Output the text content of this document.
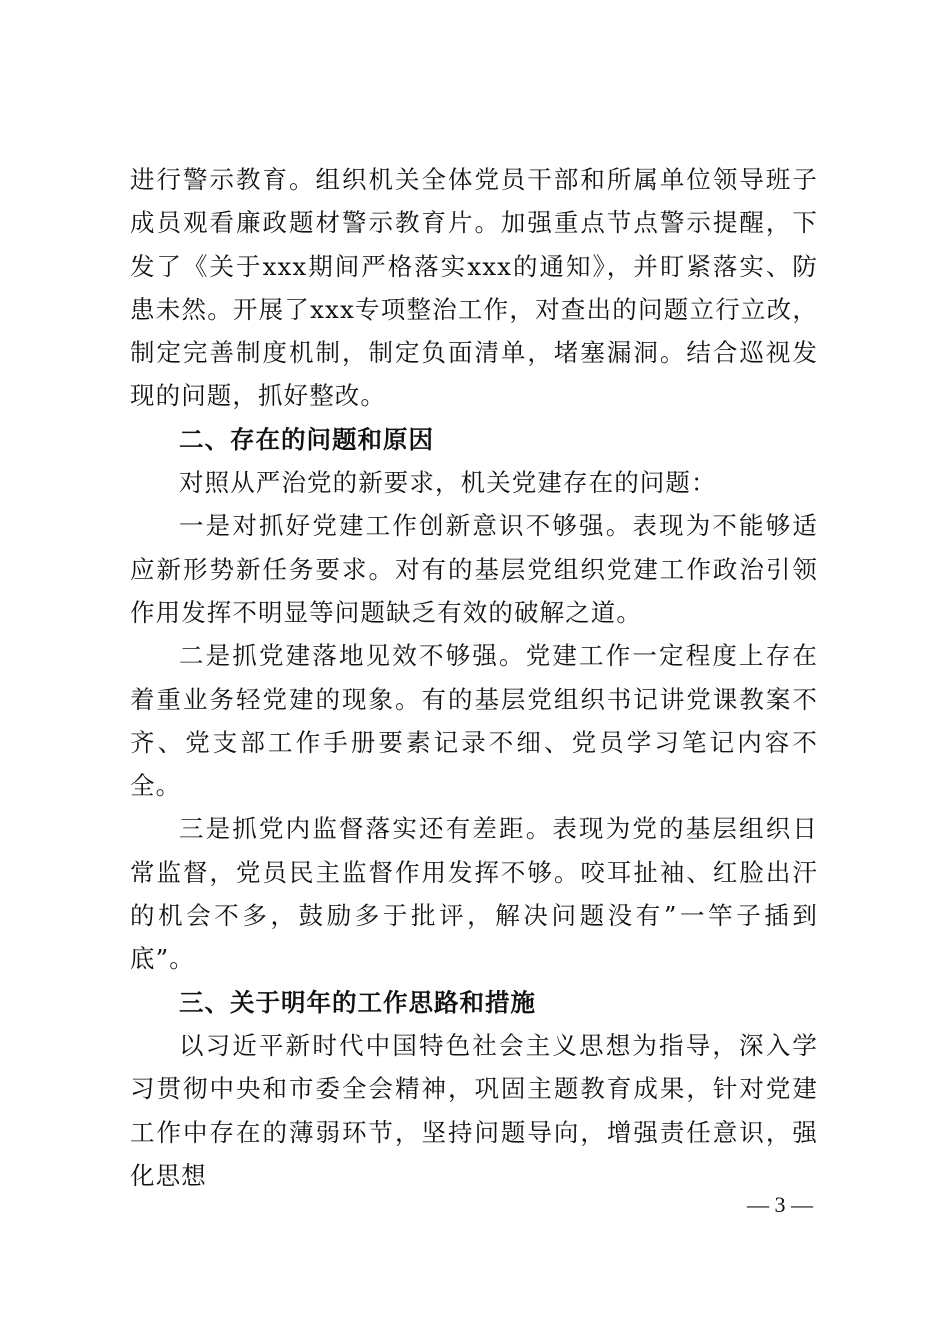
进行警示教育。组织机关全体党员干部和所属单位领导班子成员观看廉政题材警示教育片。加强重点节点警示提醒，下发了《关于xxx期间严格落实xxx的通知》，并盯紧落实、防患未然。开展了xxx专项整治工作，对查出的问题立行立改，制定完善制度机制，制定负面清单，堵塞漏洞。结合巡视发现的问题，抓好整改。

二、存在的问题和原因

对照从严治党的新要求，机关党建存在的问题：

一是对抓好党建工作创新意识不够强。表现为不能够适应新形势新任务要求。对有的基层党组织党建工作政治引领作用发挥不明显等问题缺乏有效的破解之道。

二是抓党建落地见效不够强。党建工作一定程度上存在着重业务轻党建的现象。有的基层党组织书记讲党课教案不齐、党支部工作手册要素记录不细、党员学习笔记内容不全。

三是抓党内监督落实还有差距。表现为党的基层组织日常监督，党员民主监督作用发挥不够。咬耳扯袖、红脸出汗的机会不多，鼓励多于批评，解决问题没有”一竿子插到底”。

三、关于明年的工作思路和措施

以习近平新时代中国特色社会主义思想为指导，深入学习贯彻中央和市委全会精神，巩固主题教育成果，针对党建工作中存在的薄弱环节，坚持问题导向，增强责任意识，强化思想

— 3 —
